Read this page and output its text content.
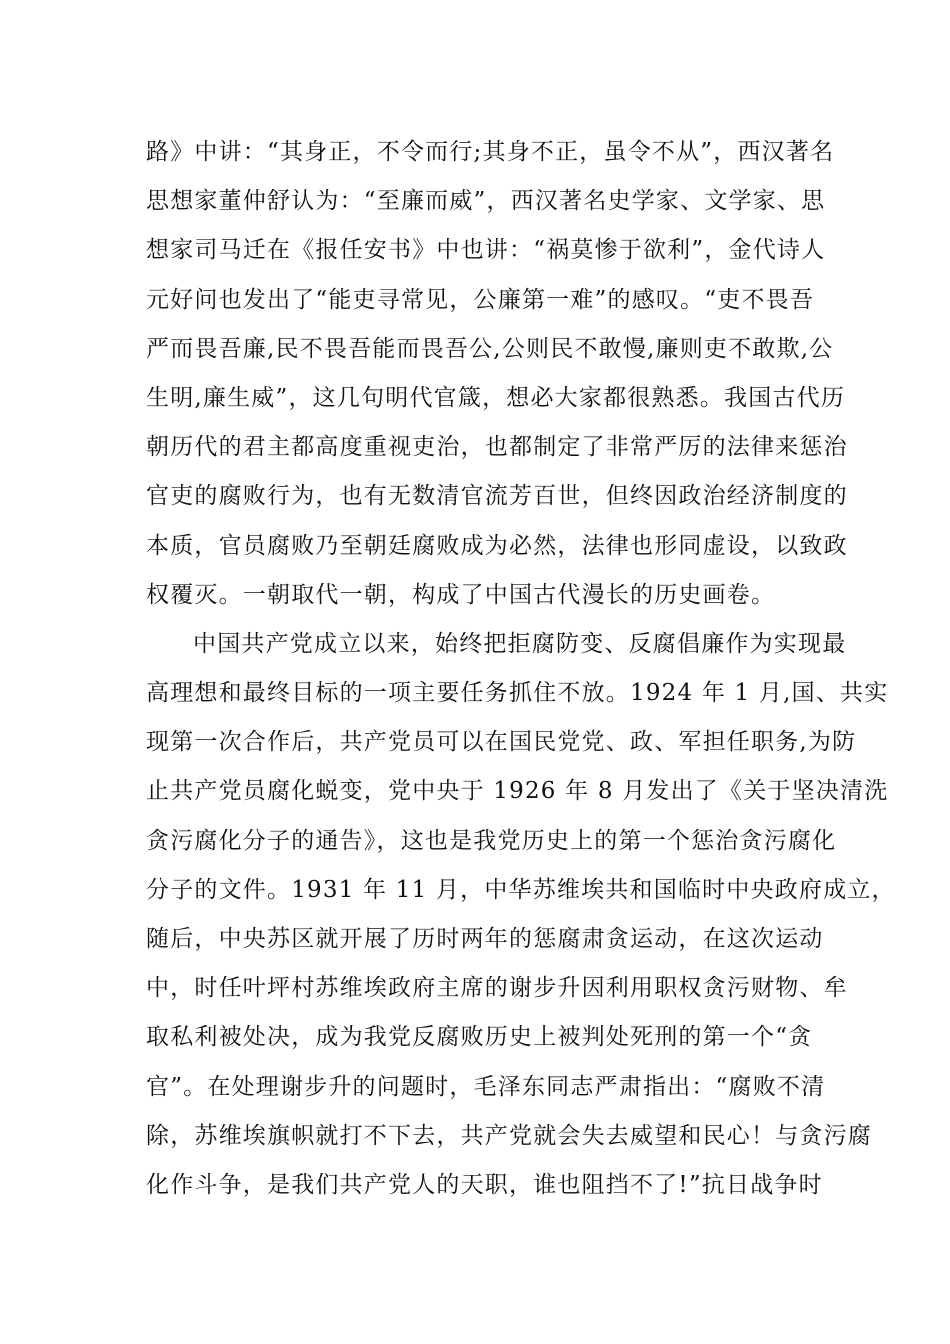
路》中讲：“其身正，不令而行;其身不正，虽令不从”，西汉著名
思想家董仲舒认为：“至廉而威”，西汉著名史学家、文学家、思
想家司马迁在《报任安书》中也讲：“祸莫惨于欲利”，金代诗人
元好问也发出了“能吏寻常见，公廉第一难”的感叹。“吏不畏吾
严而畏吾廉,民不畏吾能而畏吾公,公则民不敢慢,廉则吏不敢欺,公
生明,廉生威”，这几句明代官箴，想必大家都很熟悉。我国古代历
朝历代的君主都高度重视吏治，也都制定了非常严厉的法律来惩治
官吏的腐败行为，也有无数清官流芳百世，但终因政治经济制度的
本质，官员腐败乃至朝廷腐败成为必然，法律也形同虚设，以致政
权覆灭。一朝取代一朝，构成了中国古代漫长的历史画卷。
中国共产党成立以来，始终把拒腐防变、反腐倡廉作为实现最
高理想和最终目标的一项主要任务抓住不放。1924 年 1 月,国、共实
现第一次合作后，共产党员可以在国民党党、政、军担任职务,为防
止共产党员腐化蜕变，党中央于 1926 年 8 月发出了《关于坚决清洗
贪污腐化分子的通告》，这也是我党历史上的第一个惩治贪污腐化
分子的文件。1931 年 11 月，中华苏维埃共和国临时中央政府成立，
随后，中央苏区就开展了历时两年的惩腐肃贪运动，在这次运动
中，时任叶坪村苏维埃政府主席的谢步升因利用职权贪污财物、牟
取私利被处决，成为我党反腐败历史上被判处死刑的第一个“贪
官”。在处理谢步升的问题时，毛泽东同志严肃指出：“腐败不清
除，苏维埃旗帜就打不下去，共产党就会失去威望和民心！与贪污腐
化作斗争，是我们共产党人的天职，谁也阻挡不了!”抗日战争时
